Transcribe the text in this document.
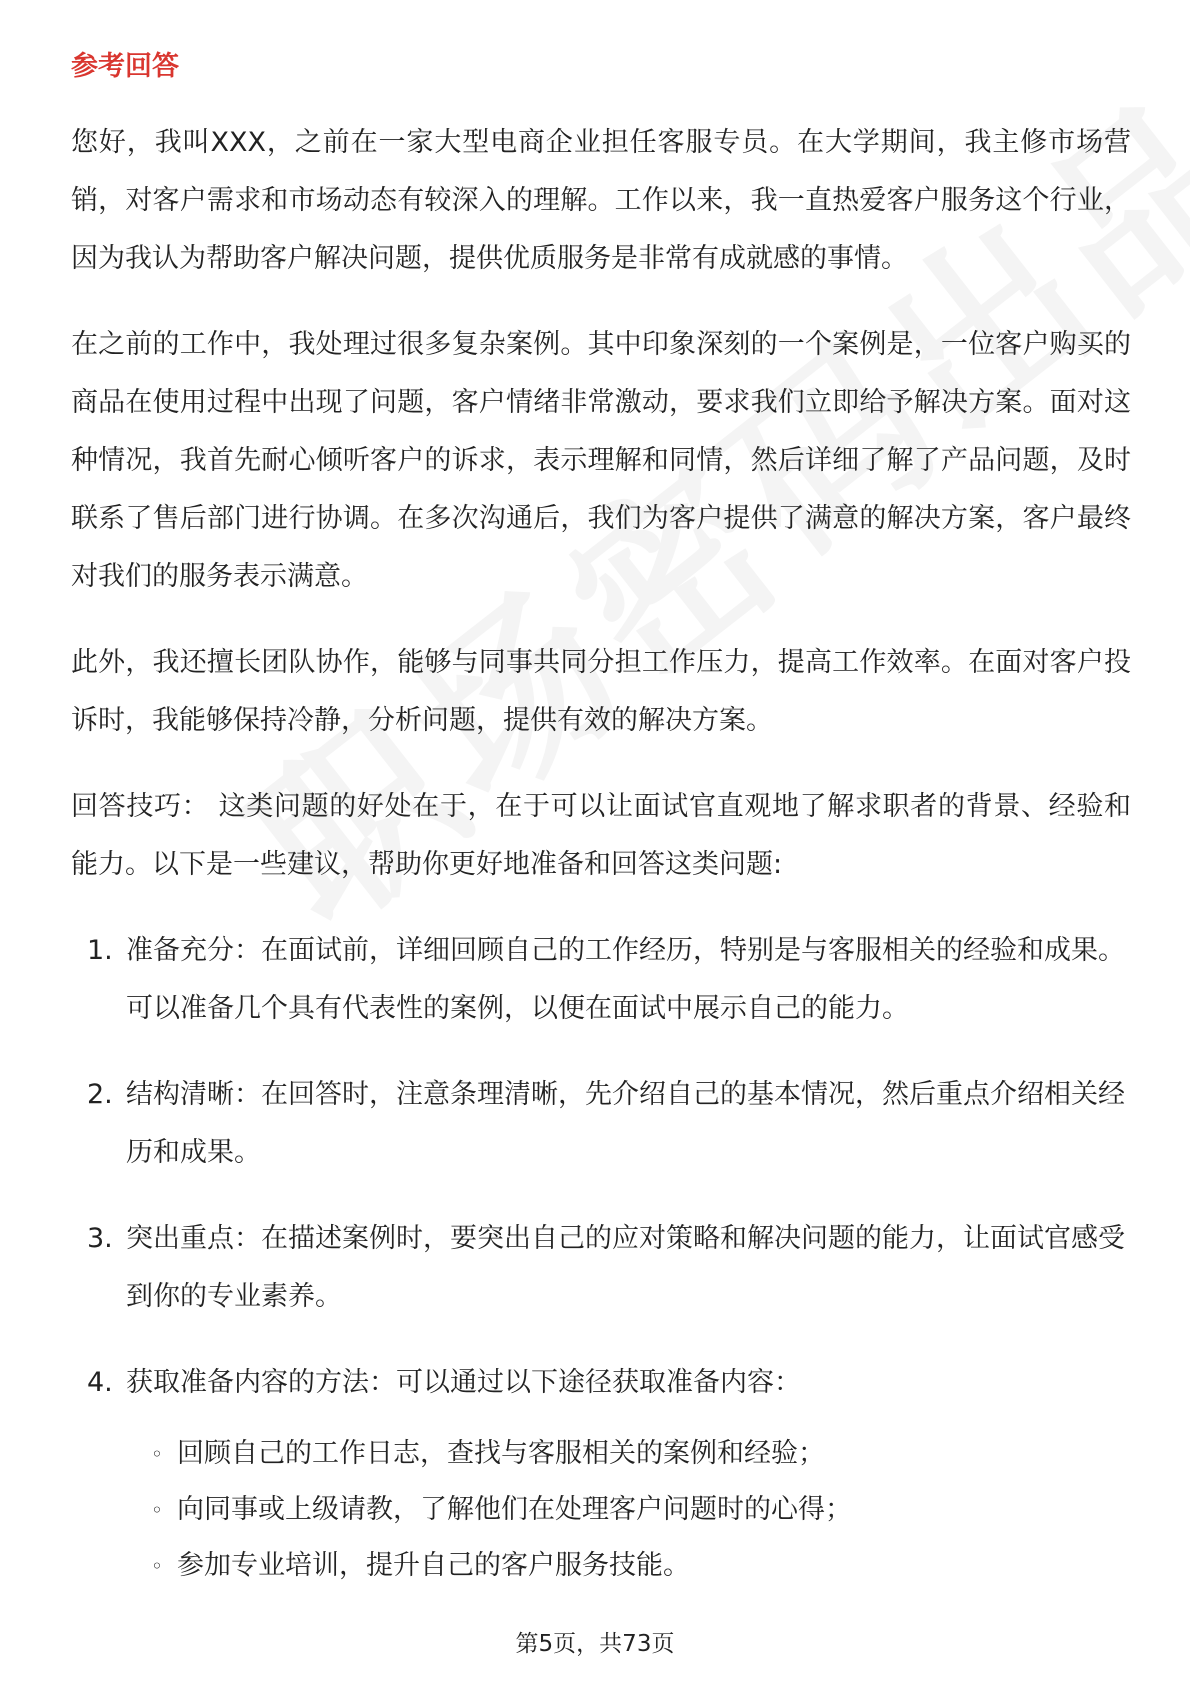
参考回答

您好，我叫XXX，之前在一家大型电商企业担任客服专员。在大学期间，我主修市场营销，对客户需求和市场动态有较深入的理解。工作以来，我一直热爱客户服务这个行业，因为我认为帮助客户解决问题，提供优质服务是非常有成就感的事情。

在之前的工作中，我处理过很多复杂案例。其中印象深刻的一个案例是，一位客户购买的商品在使用过程中出现了问题，客户情绪非常激动，要求我们立即给予解决方案。面对这种情况，我首先耐心倾听客户的诉求，表示理解和同情，然后详细了解了产品问题，及时联系了售后部门进行协调。在多次沟通后，我们为客户提供了满意的解决方案，客户最终对我们的服务表示满意。

此外，我还擅长团队协作，能够与同事共同分担工作压力，提高工作效率。在面对客户投诉时，我能够保持冷静，分析问题，提供有效的解决方案。

回答技巧： 这类问题的好处在于，在于可以让面试官直观地了解求职者的背景、经验和能力。以下是一些建议，帮助你更好地准备和回答这类问题:

1. 准备充分：在面试前，详细回顾自己的工作经历，特别是与客服相关的经验和成果。可以准备几个具有代表性的案例，以便在面试中展示自己的能力。
2. 结构清晰：在回答时，注意条理清晰，先介绍自己的基本情况，然后重点介绍相关经历和成果。
3. 突出重点：在描述案例时，要突出自己的应对策略和解决问题的能力，让面试官感受到你的专业素养。
4. 获取准备内容的方法：可以通过以下途径获取准备内容：
◦ 回顾自己的工作日志，查找与客服相关的案例和经验；
◦ 向同事或上级请教，了解他们在处理客户问题时的心得；
◦ 参加专业培训，提升自己的客户服务技能。
第5页，共73页
